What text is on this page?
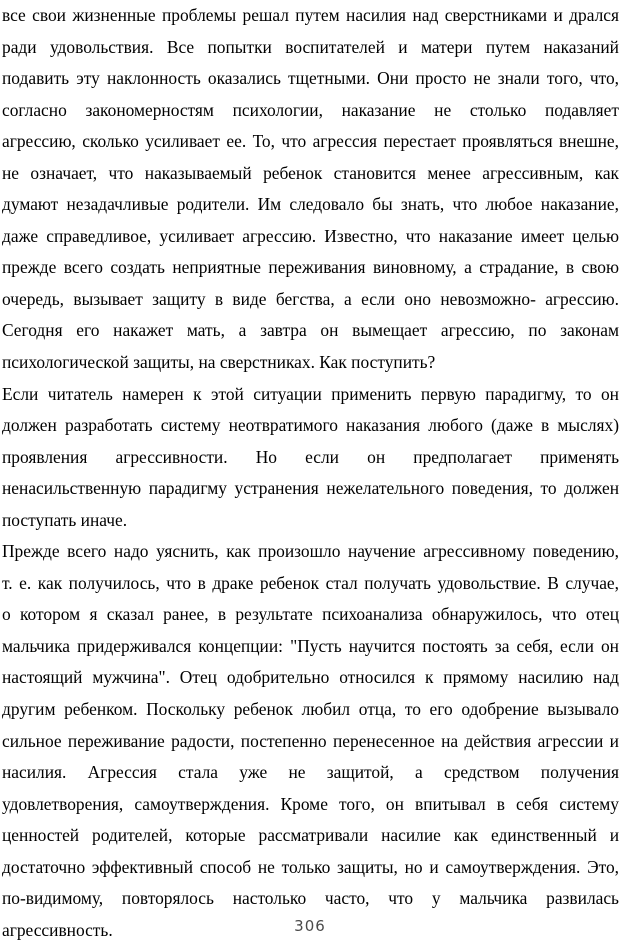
все свои жизненные проблемы решал путем насилия над сверстниками и дрался
ради удовольствия. Все попытки воспитателей и матери путем наказаний
подавить эту наклонность оказались тщетными. Они просто не знали того, что,
согласно закономерностям психологии, наказание не столько подавляет
агрессию, сколько усиливает ее. То, что агрессия перестает проявляться внешне,
не означает, что наказываемый ребенок становится менее агрессивным, как
думают незадачливые родители. Им следовало бы знать, что любое наказание,
даже справедливое, усиливает агрессию. Известно, что наказание имеет целью
прежде всего создать неприятные переживания виновному, а страдание, в свою
очередь, вызывает защиту в виде бегства, а если оно невозможно- агрессию.
Сегодня его накажет мать, а завтра он вымещает агрессию, по законам
психологической защиты, на сверстниках. Как поступить?
Если читатель намерен к этой ситуации применить первую парадигму, то он
должен разработать систему неотвратимого наказания любого (даже в мыслях)
проявления агрессивности. Но если он предполагает применять
ненасильственную парадигму устранения нежелательного поведения, то должен
поступать иначе.
Прежде всего надо уяснить, как произошло научение агрессивному поведению,
т. е. как получилось, что в драке ребенок стал получать удовольствие. В случае,
о котором я сказал ранее, в результате психоанализа обнаружилось, что отец
мальчика придерживался концепции: "Пусть научится постоять за себя, если он
настоящий мужчина". Отец одобрительно относился к прямому насилию над
другим ребенком. Поскольку ребенок любил отца, то его одобрение вызывало
сильное переживание радости, постепенно перенесенное на действия агрессии и
насилия. Агрессия стала уже не защитой, а средством получения
удовлетворения, самоутверждения. Кроме того, он впитывал в себя систему
ценностей родителей, которые рассматривали насилие как единственный и
достаточно эффективный способ не только защиты, но и самоутверждения. Это,
по-видимому, повторялось настолько часто, что у мальчика развилась
агрессивность.	306
